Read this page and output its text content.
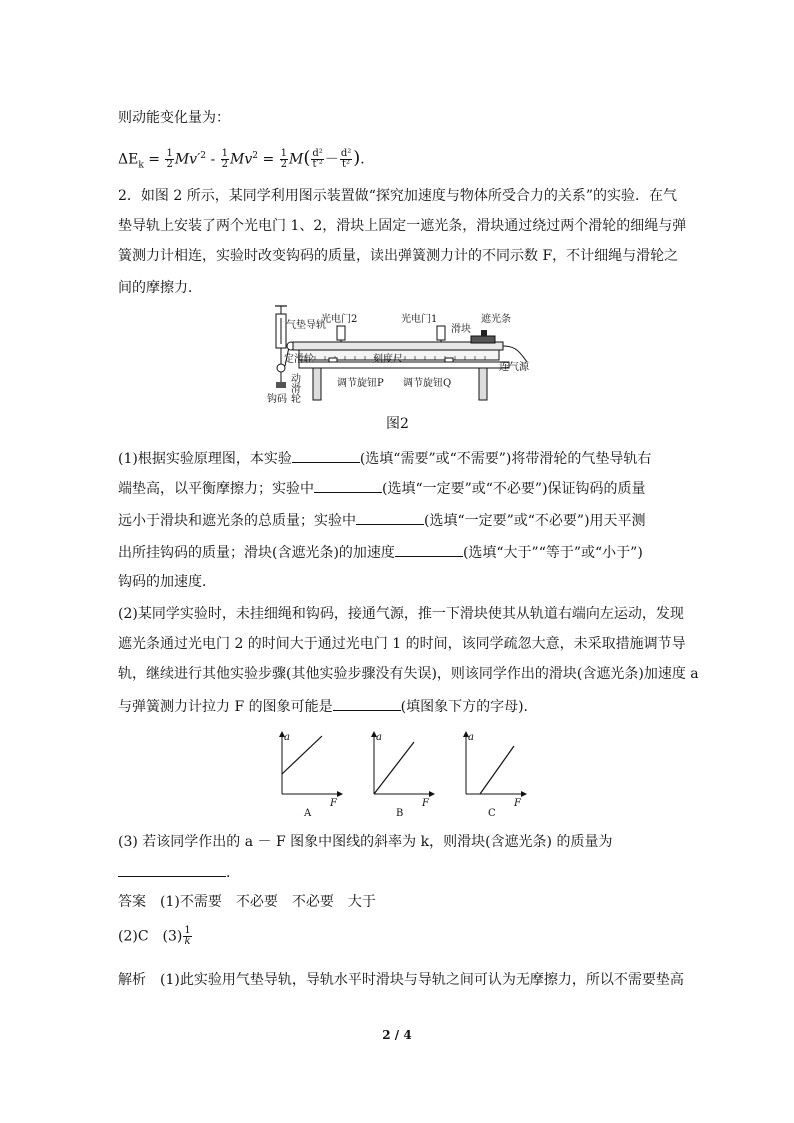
则动能变化量为：
$\Delta E_k = \frac{1}{2} Mv'^2 - \frac{1}{2} Mv^2 = \frac{1}{2} M( \frac{\text{d²}}{\text{t′²}} - \frac{\text{d²}}{\text{t²}}$ ).
2．如图 2 所示，某同学利用图示装置做“探究加速度与物体所受合力的关系”的实验．在气
垫导轨上安装了两个光电门 1、2，滑块上固定一遮光条，滑块通过绕过两个滑轮的细绳与弹
簧测力计相连，实验时改变钩码的质量，读出弹簧测力计的不同示数 F，不计细绳与滑轮之
间的摩擦力．
气垫导轨
光电门2	光电门1
滑块
遮光条
定滑轮	刻度尺
连气源
调节旋钮P 调节旋钮Q
动
滑
轮
钩码
图2
(1)根据实验原理图，本实验	(选填“需要”或“不需要”)将带滑轮的气垫导轨右
端垫高，以平衡摩擦力；实验中	(选填“一定要”或“不必要”)保证钩码的质量
远小于滑块和遮光条的总质量；实验中	(选填“一定要”或“不必要”)用天平测
出所挂钩码的质量；滑块(含遮光条)的加速度	(选填“大于”“等于”或“小于”)
钩码的加速度．
(2)某同学实验时，未挂细绳和钩码，接通气源，推一下滑块使其从轨道右端向左运动，发现
遮光条通过光电门 2 的时间大于通过光电门 1 的时间，该同学疏忽大意，未采取措施调节导
轨，继续进行其他实验步骤(其他实验步骤没有失误)，则该同学作出的滑块(含遮光条)加速度 a
与弹簧测力计拉力 F 的图象可能是	(填图象下方的字母)．
a
F
A
a
F
B
a
F
C
(3) 若该同学作出的 a － F 图象中图线的斜率为 k，则滑块(含遮光条) 的质量为
.
答案　 (1)不需要　不必要　不必要　大于
(2)C　$(3) \frac{1}{k}$
解析　 (1)此实验用气垫导轨，导轨水平时滑块与导轨之间可认为无摩擦力，所以不需要垫高
2 / 4
